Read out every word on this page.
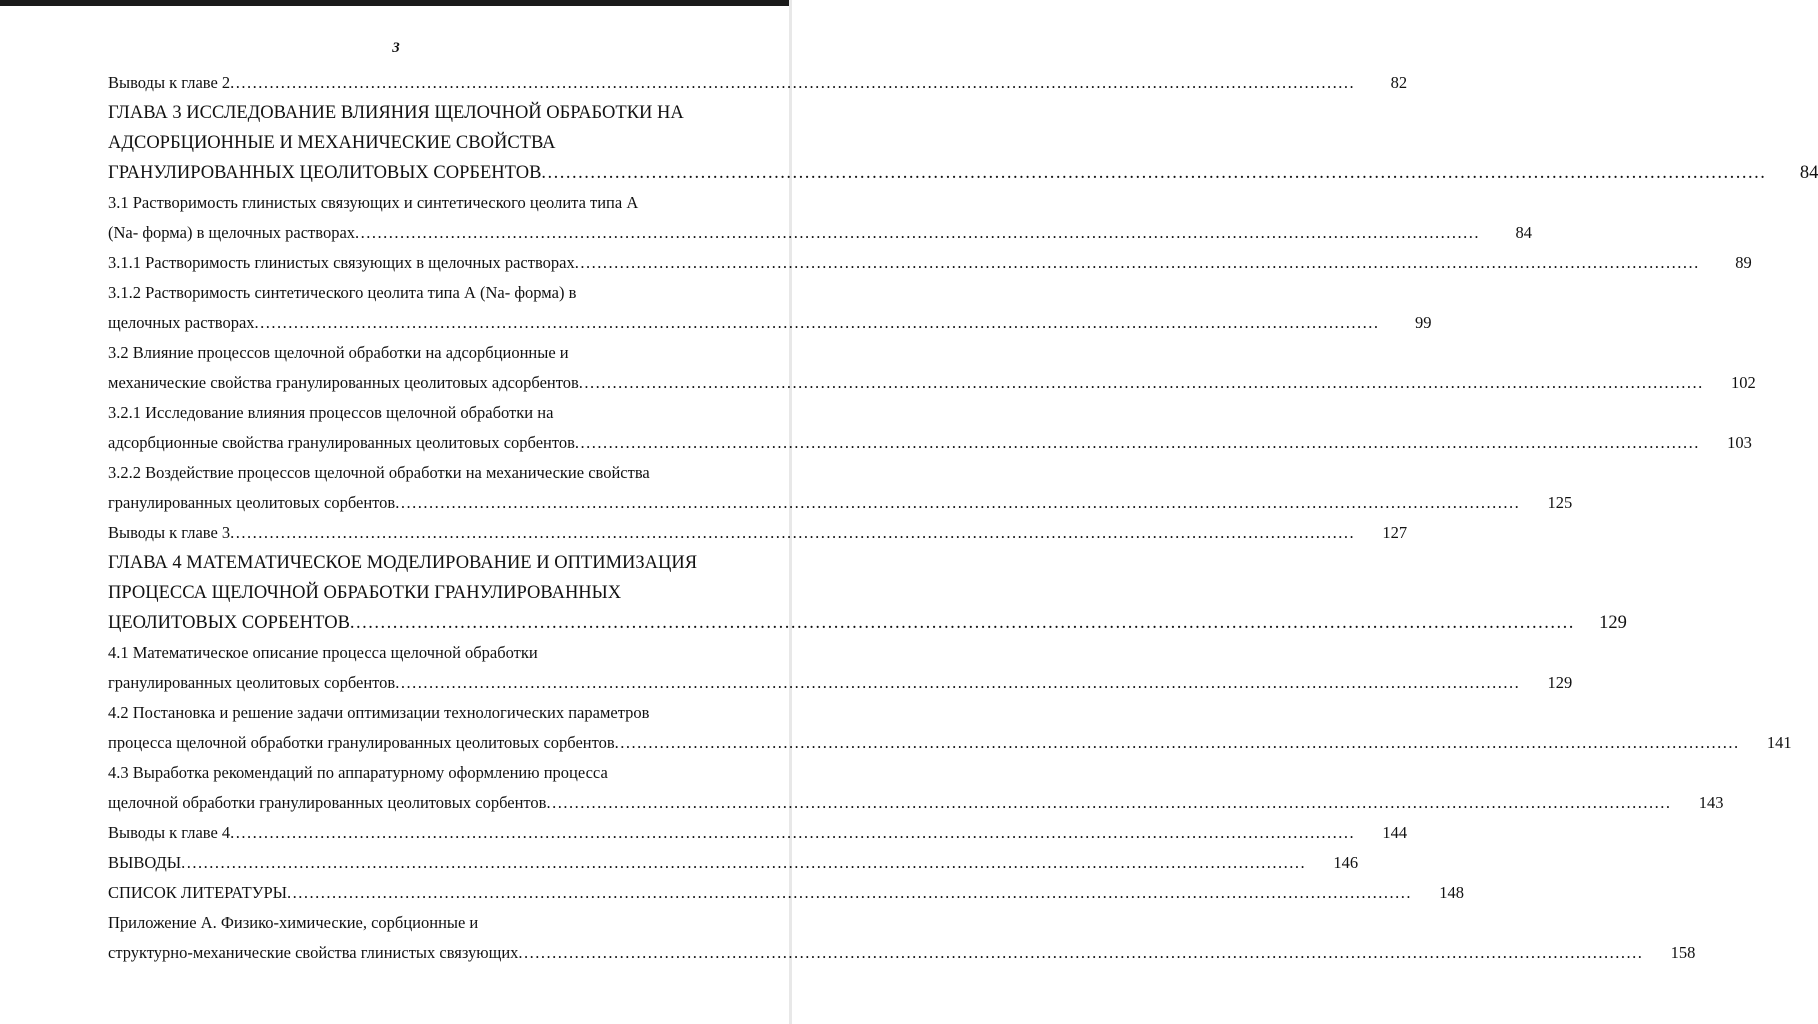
3
Выводы к главе 2 ........................................................................................................................................................................................................	82
ГЛАВА 3 ИССЛЕДОВАНИЕ ВЛИЯНИЯ ЩЕЛОЧНОЙ ОБРАБОТКИ НА
АДСОРБЦИОННЫЕ И МЕХАНИЧЕСКИЕ СВОЙСТВА
ГРАНУЛИРОВАННЫХ ЦЕОЛИТОВЫХ СОРБЕНТОВ ........................................................................................................................................................................................................	84
3.1 Растворимость глинистых связующих и синтетического цеолита типа А
(Na- форма) в щелочных растворах ........................................................................................................................................................................................................	84
3.1.1 Растворимость глинистых связующих в щелочных растворах ........................................................................................................................................................................................................	89
3.1.2 Растворимость синтетического цеолита типа А (Na- форма) в
щелочных растворах ........................................................................................................................................................................................................	99
3.2 Влияние процессов щелочной обработки на адсорбционные и
механические свойства гранулированных цеолитовых адсорбентов ........................................................................................................................................................................................................	102
3.2.1 Исследование влияния процессов щелочной обработки на
адсорбционные свойства гранулированных цеолитовых сорбентов ........................................................................................................................................................................................................	103
3.2.2 Воздействие процессов щелочной обработки на механические свойства
гранулированных цеолитовых сорбентов ........................................................................................................................................................................................................	125
Выводы к главе 3 ........................................................................................................................................................................................................	127
ГЛАВА 4 МАТЕМАТИЧЕСКОЕ МОДЕЛИРОВАНИЕ И ОПТИМИЗАЦИЯ
ПРОЦЕССА ЩЕЛОЧНОЙ ОБРАБОТКИ ГРАНУЛИРОВАННЫХ
ЦЕОЛИТОВЫХ СОРБЕНТОВ ........................................................................................................................................................................................................	129
4.1 Математическое описание процесса щелочной обработки
гранулированных цеолитовых сорбентов ........................................................................................................................................................................................................	129
4.2 Постановка и решение задачи оптимизации технологических параметров
процесса щелочной обработки гранулированных цеолитовых сорбентов ........................................................................................................................................................................................................	141
4.3 Выработка рекомендаций по аппаратурному оформлению процесса
щелочной обработки гранулированных цеолитовых сорбентов ........................................................................................................................................................................................................	143
Выводы к главе 4 ........................................................................................................................................................................................................	144
ВЫВОДЫ ........................................................................................................................................................................................................	146
СПИСОК ЛИТЕРАТУРЫ ........................................................................................................................................................................................................	148
Приложение А. Физико-химические, сорбционные и
структурно-механические свойства глинистых связующих ........................................................................................................................................................................................................	158
